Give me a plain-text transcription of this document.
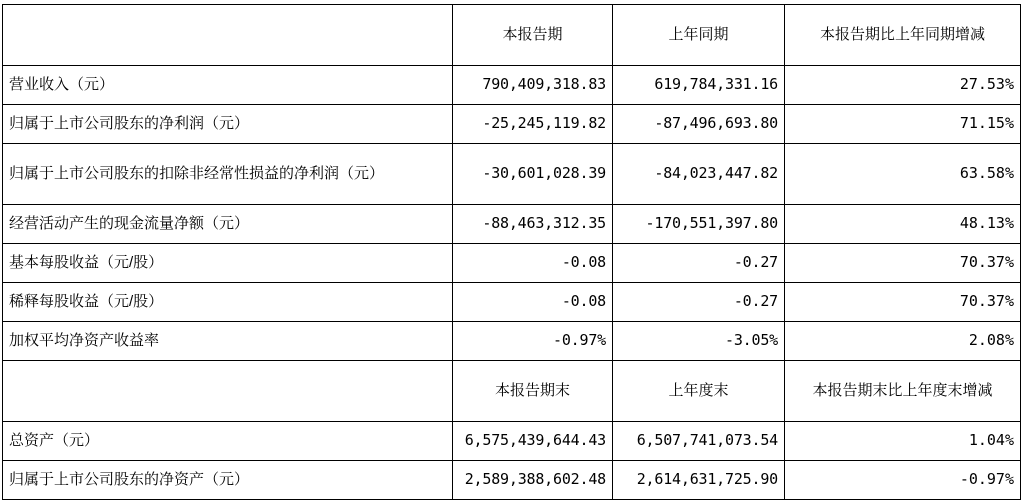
	本报告期	上年同期	本报告期比上年同期增减
营业收入（元）	790,409,318.83	619,784,331.16	27.53%
归属于上市公司股东的净利润（元）	-25,245,119.82	-87,496,693.80	71.15%
归属于上市公司股东的扣除非经常性损益的净利润（元）	-30,601,028.39	-84,023,447.82	63.58%
经营活动产生的现金流量净额（元）	-88,463,312.35	-170,551,397.80	48.13%
基本每股收益（元/股）	-0.08	-0.27	70.37%
稀释每股收益（元/股）	-0.08	-0.27	70.37%
加权平均净资产收益率	-0.97%	-3.05%	2.08%
	本报告期末	上年度末	本报告期末比上年度末增减
总资产（元）	6,575,439,644.43	6,507,741,073.54	1.04%
归属于上市公司股东的净资产（元）	2,589,388,602.48	2,614,631,725.90	-0.97%
